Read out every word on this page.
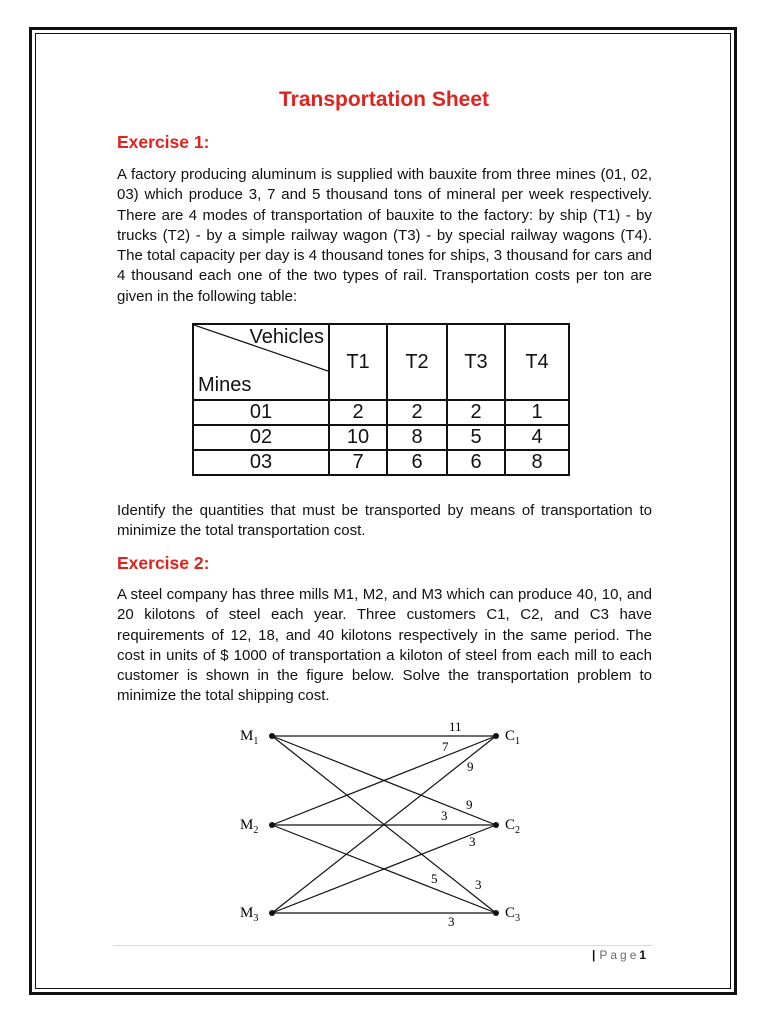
Transportation Sheet
Exercise 1:

A factory producing aluminum is supplied with bauxite from three mines (01, 02, 03) which produce 3, 7 and 5 thousand tons of mineral per week respectively. There are 4 modes of transportation of bauxite to the factory: by ship (T1) - by trucks (T2) - by a simple railway wagon (T3) - by special railway wagons (T4). The total capacity per day is 4 thousand tones for ships, 3 thousand for cars and 4 thousand each one of the two types of rail. Transportation costs per ton are given in the following table:

Vehicles
Mines	T1	T2	T3	T4
01	2	2	2	1
02	10	8	5	4
03	7	6	6	8

Identify the quantities that must be transported by means of transportation to minimize the total transportation cost.

Exercise 2:

A steel company has three mills M1, M2, and M3 which can produce 40, 10, and 20 kilotons of steel each year. Three customers C1, C2, and C3 have requirements of 12, 18, and 40 kilotons respectively in the same period. The cost in units of $ 1000 of transportation a kiloton of steel from each mill to each customer is shown in the figure below. Solve the transportation problem to minimize the total shipping cost.

$M_1$
$M_2$
$M_3$
$C_1$
$C_2$
$C_3$
11
9
3
7
3
5
9
3
3
|Page1
